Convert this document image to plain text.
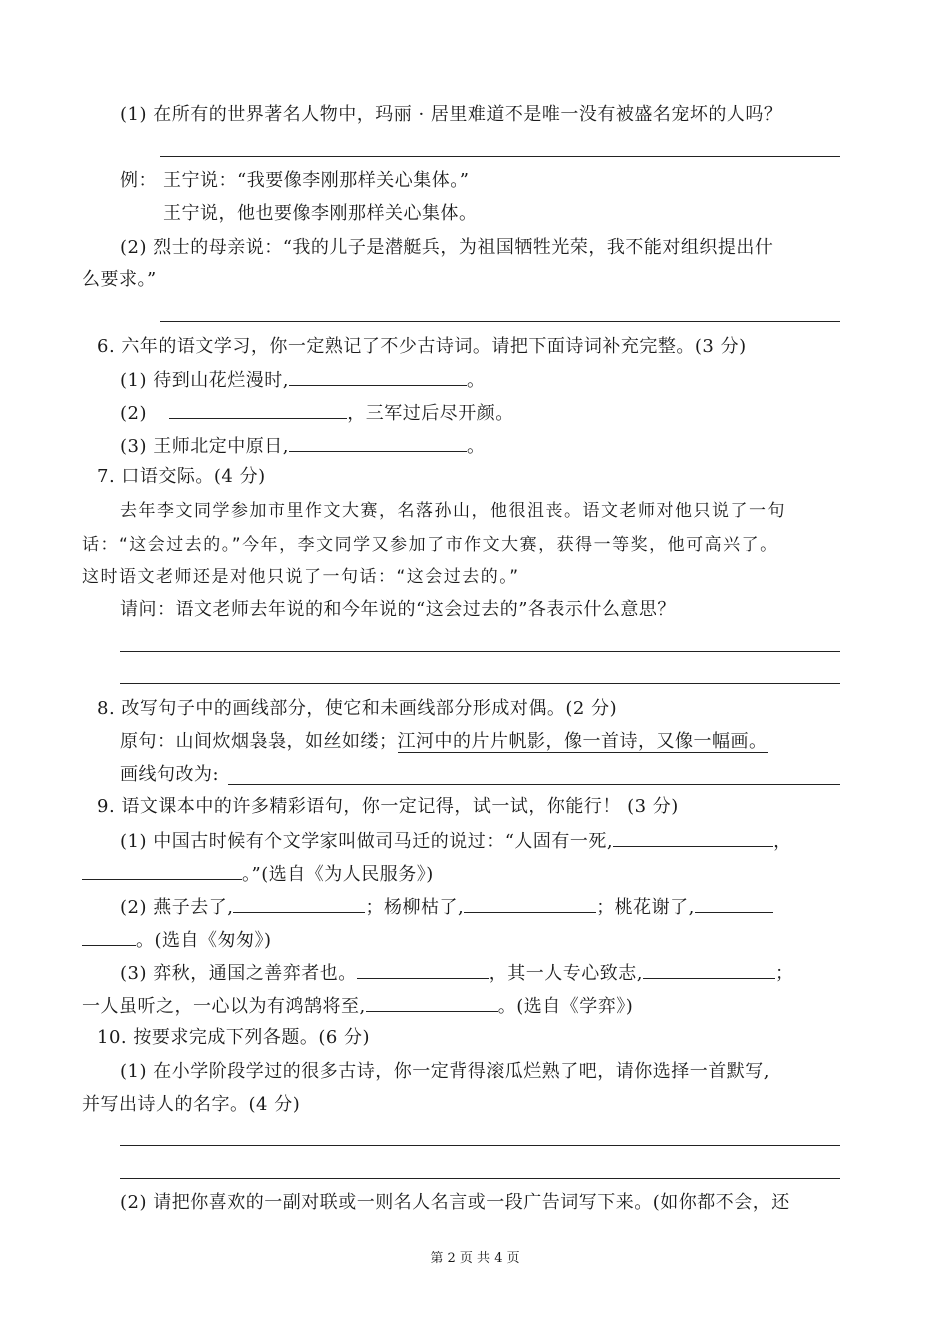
(1) 在所有的世界著名人物中，玛丽 · 居里难道不是唯一没有被盛名宠坏的人吗？
例： 王宁说：“我要像李刚那样关心集体。”
王宁说，他也要像李刚那样关心集体。
(2) 烈士的母亲说：“我的儿子是潜艇兵，为祖国牺牲光荣，我不能对组织提出什
么要求。”
6. 六年的语文学习，你一定熟记了不少古诗词。请把下面诗词补充完整。(3 分)
(1) 待到山花烂漫时,	。
(2)	，三军过后尽开颜。
(3) 王师北定中原日,	。
7. 口语交际。(4 分)
去年李文同学参加市里作文大赛，名落孙山，他很沮丧。语文老师对他只说了一句
话：“这会过去的。”今年，李文同学又参加了市作文大赛，获得一等奖，他可高兴了。
这时语文老师还是对他只说了一句话：“这会过去的。”
请问：语文老师去年说的和今年说的“这会过去的”各表示什么意思？
8. 改写句子中的画线部分，使它和未画线部分形成对偶。(2 分)
原句：山间炊烟袅袅，如丝如缕；江河中的片片帆影，像一首诗，又像一幅画。
画线句改为:
9. 语文课本中的许多精彩语句，你一定记得，试一试，你能行！ (3 分)
(1) 中国古时候有个文学家叫做司马迁的说过：“人固有一死,	，
。”(选自《为人民服务》)
(2) 燕子去了,	；杨柳枯了,	；桃花谢了,
。(选自《匆匆》)
(3) 弈秋，通国之善弈者也。	，其一人专心致志,	；
一人虽听之，一心以为有鸿鹄将至,	。(选自《学弈》)
10. 按要求完成下列各题。(6 分)
(1) 在小学阶段学过的很多古诗，你一定背得滚瓜烂熟了吧，请你选择一首默写,
并写出诗人的名字。(4 分)
(2) 请把你喜欢的一副对联或一则名人名言或一段广告词写下来。(如你都不会，还
第 2 页 共 4 页
